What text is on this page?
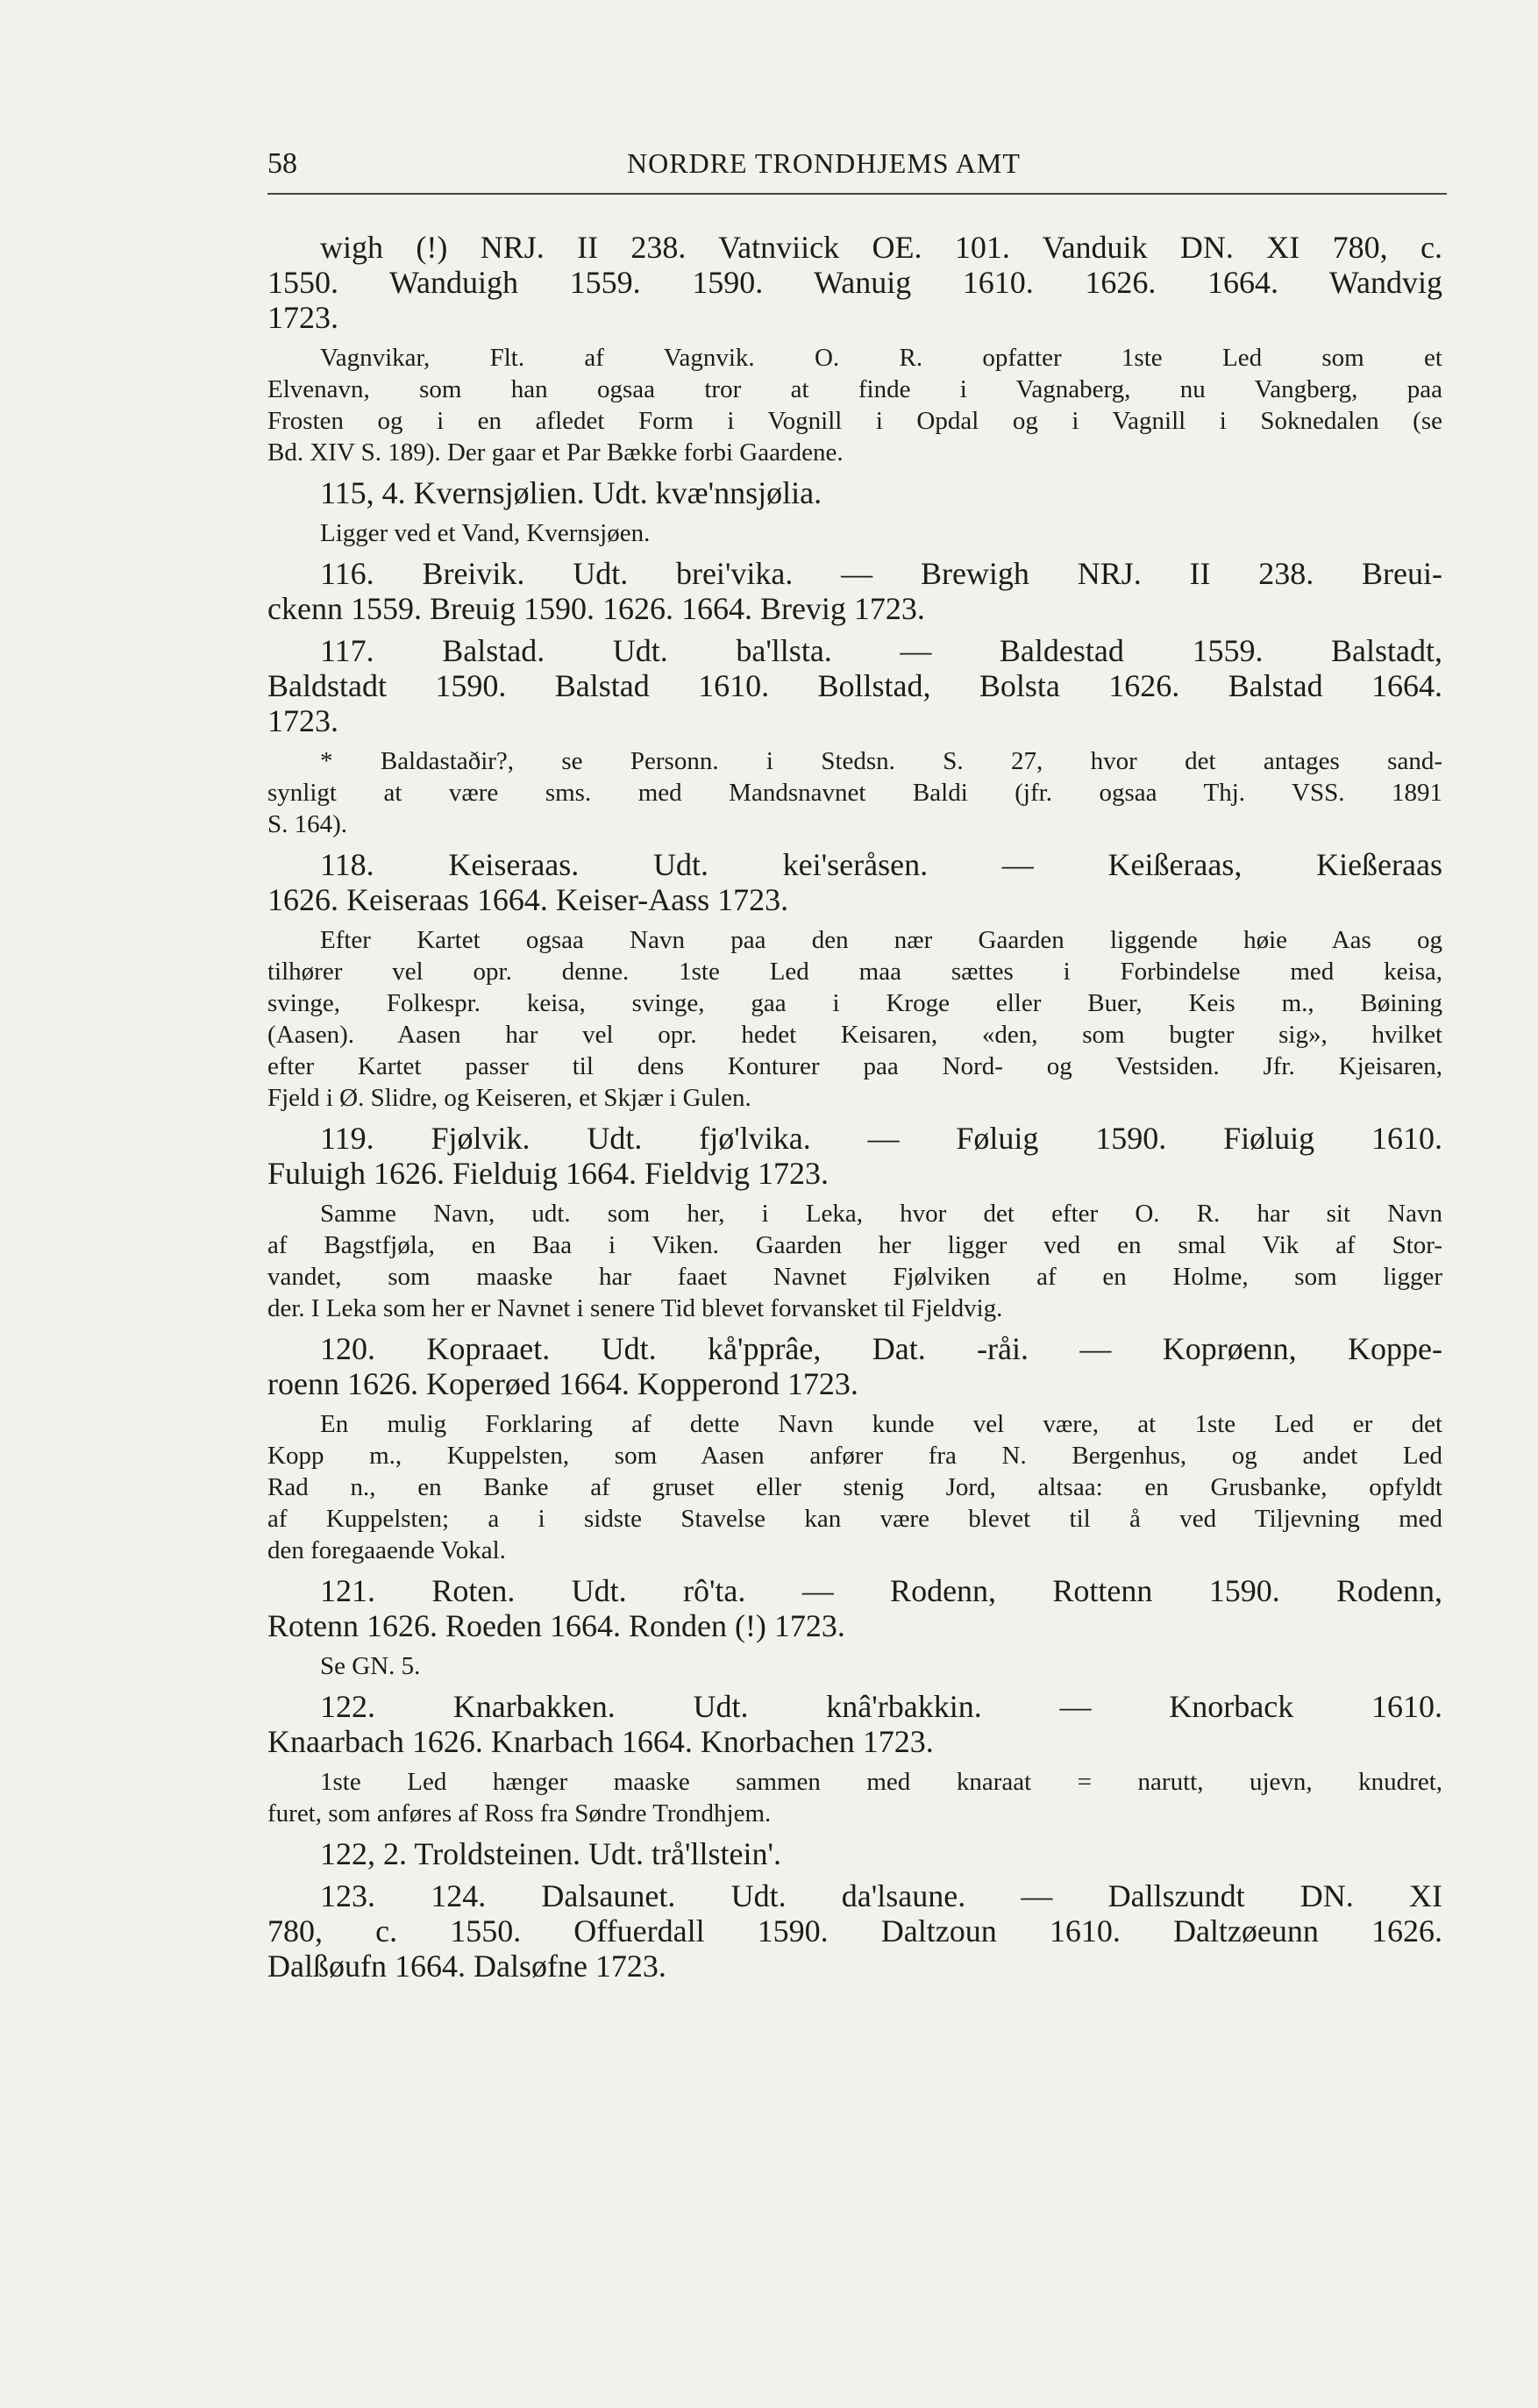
58	NORDRE TRONDHJEMS AMT
wigh (!) NRJ. II 238. Vatnviick OE. 101. Vanduik DN. XI 780, c.
1550. Wanduigh 1559. 1590. Wanuig 1610. 1626. 1664. Wandvig
1723.
Vagnvikar, Flt. af Vagnvik. O. R. opfatter 1ste Led som et
Elvenavn, som han ogsaa tror at finde i Vagnaberg, nu Vangberg, paa
Frosten og i en afledet Form i Vognill i Opdal og i Vagnill i Soknedalen (se
Bd. XIV S. 189). Der gaar et Par Bække forbi Gaardene.
115, 4. Kvernsjølien. Udt. kvæ'nnsjølia.
Ligger ved et Vand, Kvernsjøen.
116. Breivik. Udt. brei'vika. — Brewigh NRJ. II 238. Breui-
ckenn 1559. Breuig 1590. 1626. 1664. Brevig 1723.
117. Balstad. Udt. ba'llsta. — Baldestad 1559. Balstadt,
Baldstadt 1590. Balstad 1610. Bollstad, Bolsta 1626. Balstad 1664.
1723.
* Baldastaðir?, se Personn. i Stedsn. S. 27, hvor det antages sand-
synligt at være sms. med Mandsnavnet Baldi (jfr. ogsaa Thj. VSS. 1891
S. 164).
118. Keiseraas. Udt. kei'seråsen. — Keißeraas, Kießeraas
1626. Keiseraas 1664. Keiser-Aass 1723.
Efter Kartet ogsaa Navn paa den nær Gaarden liggende høie Aas og
tilhører vel opr. denne. 1ste Led maa sættes i Forbindelse med keisa,
svinge, Folkespr. keisa, svinge, gaa i Kroge eller Buer, Keis m., Bøining
(Aasen). Aasen har vel opr. hedet Keisaren, «den, som bugter sig», hvilket
efter Kartet passer til dens Konturer paa Nord- og Vestsiden. Jfr. Kjeisaren,
Fjeld i Ø. Slidre, og Keiseren, et Skjær i Gulen.
119. Fjølvik. Udt. fjø'lvika. — Føluig 1590. Fiøluig 1610.
Fuluigh 1626. Fielduig 1664. Fieldvig 1723.
Samme Navn, udt. som her, i Leka, hvor det efter O. R. har sit Navn
af Bagstfjøla, en Baa i Viken. Gaarden her ligger ved en smal Vik af Stor-
vandet, som maaske har faaet Navnet Fjølviken af en Holme, som ligger
der. I Leka som her er Navnet i senere Tid blevet forvansket til Fjeldvig.
120. Kopraaet. Udt. kå'pprâe, Dat. -råi. — Koprøenn, Koppe-
roenn 1626. Koperøed 1664. Kopperond 1723.
En mulig Forklaring af dette Navn kunde vel være, at 1ste Led er det
Kopp m., Kuppelsten, som Aasen anfører fra N. Bergenhus, og andet Led
Rad n., en Banke af gruset eller stenig Jord, altsaa: en Grusbanke, opfyldt
af Kuppelsten; a i sidste Stavelse kan være blevet til å ved Tiljevning med
den foregaaende Vokal.
121. Roten. Udt. rô'ta. — Rodenn, Rottenn 1590. Rodenn,
Rotenn 1626. Roeden 1664. Ronden (!) 1723.
Se GN. 5.
122. Knarbakken. Udt. knâ'rbakkin. — Knorback 1610.
Knaarbach 1626. Knarbach 1664. Knorbachen 1723.
1ste Led hænger maaske sammen med knaraat = narutt, ujevn, knudret,
furet, som anføres af Ross fra Søndre Trondhjem.
122, 2. Troldsteinen. Udt. trå'llstein'.
123. 124. Dalsaunet. Udt. da'lsaune. — Dallszundt DN. XI
780, c. 1550. Offuerdall 1590. Daltzoun 1610. Daltzøeunn 1626.
Dalßøufn 1664. Dalsøfne 1723.
